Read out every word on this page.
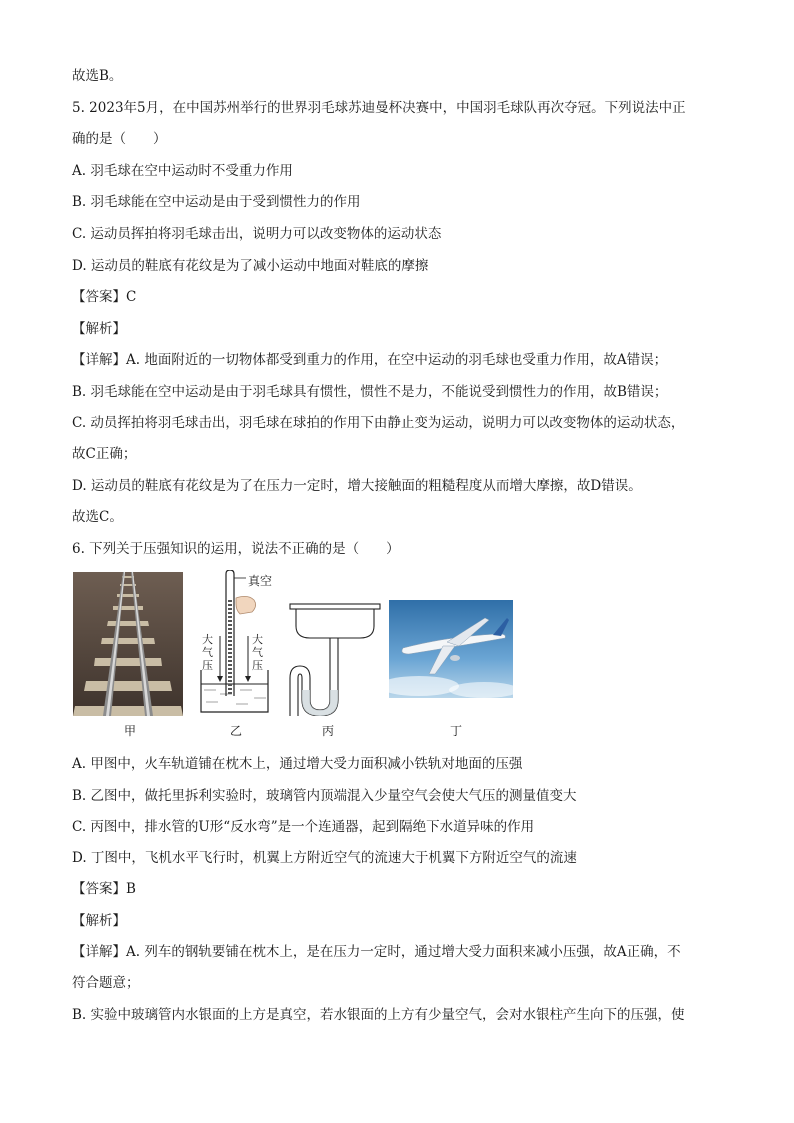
故选B。
5. 2023年5月，在中国苏州举行的世界羽毛球苏迪曼杯决赛中，中国羽毛球队再次夺冠。下列说法中正
确的是（　　）
A. 羽毛球在空中运动时不受重力作用
B. 羽毛球能在空中运动是由于受到惯性力的作用
C. 运动员挥拍将羽毛球击出，说明力可以改变物体的运动状态
D. 运动员的鞋底有花纹是为了减小运动中地面对鞋底的摩擦
【答案】C
【解析】
【详解】A. 地面附近的一切物体都受到重力的作用，在空中运动的羽毛球也受重力作用，故A错误；
B. 羽毛球能在空中运动是由于羽毛球具有惯性，惯性不是力，不能说受到惯性力的作用，故B错误；
C. 动员挥拍将羽毛球击出，羽毛球在球拍的作用下由静止变为运动，说明力可以改变物体的运动状态，
故C正确；
D. 运动员的鞋底有花纹是为了在压力一定时，增大接触面的粗糙程度从而增大摩擦，故D错误。
故选C。
6. 下列关于压强知识的运用，说法不正确的是（　　）
甲
真空
大
气
压
大
气
压
乙	丙	丁
A. 甲图中，火车轨道铺在枕木上，通过增大受力面积减小铁轨对地面的压强
B. 乙图中，做托里拆利实验时，玻璃管内顶端混入少量空气会使大气压的测量值变大
C. 丙图中，排水管的U形“反水弯”是一个连通器，起到隔绝下水道异味的作用
D. 丁图中，飞机水平飞行时，机翼上方附近空气的流速大于机翼下方附近空气的流速
【答案】B
【解析】
【详解】A. 列车的钢轨要铺在枕木上，是在压力一定时，通过增大受力面积来减小压强，故A正确，不
符合题意；
B. 实验中玻璃管内水银面的上方是真空，若水银面的上方有少量空气，会对水银柱产生向下的压强，使
